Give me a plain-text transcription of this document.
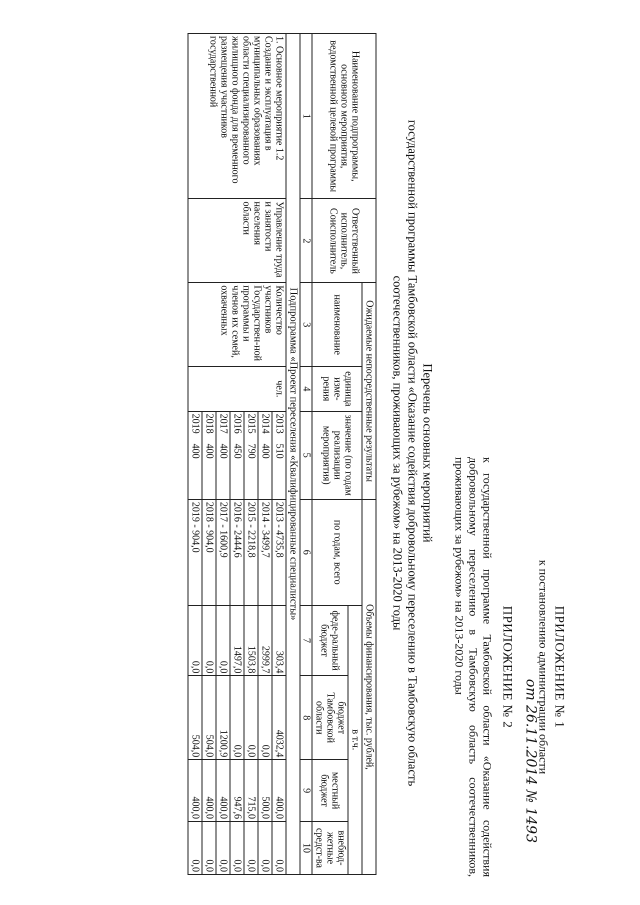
ПРИЛОЖЕНИЕ № 1
к постановлению администрации области
от 26.11.2014 № 1493
ПРИЛОЖЕНИЕ № 2
к государственной программе Тамбовской области «Оказание содействия добровольному переселению в Тамбовскую область соотечественников, проживающих за рубежом» на 2013-2020 годы
Перечень основных мероприятий
государственной программы Тамбовской области «Оказание содействия добровольному переселению в Тамбовскую область
соотечественников, проживающих за рубежом» на 2013-2020 годы
Наименование подпрограммы, основного мероприятия, ведомственной целевой программы	Ответственный исполнитель, Соисполнитель	Ожидаемые непосредственные результаты			Объемы финансирования, тыс. рублей,				
		наименование	единица изме-рения	значение (по годам реализации мероприятия)	по годам, всего	в т.ч.			
						феде-ральный бюджет	бюджет Тамбовской области	местный бюджет	внебюд-жетные средст-ва
1	2	3	4	5	6	7	8	9	10
Подпрограмма «Проект переселения «Квалифицированные специалисты»									
1. Основное мероприятие 1.2 Создание и эксплуатация в муниципальных образованиях области специализированного жилищного фонда для временного размещения участников государственной	Управление труда и занятости населения области	Количество участников Государствен-ной программы и членов их семей, охваченных	чел.	2013    510	2013 - 4735,8	303,4	4032,4	400,0	0,0
				2014    400	2014 - 3499,7	2999,7	0,0	500,0	0,0
				2015    790	2015 - 2218,8	1503,8	0,0	715,0	0,0
				2016    450	2016 - 2444,6	1497,0	0,0	947,6	0,0
				2017    400	2017 - 1600,9	0,0	1200,9	400,0	0,0
				2018    400	2018 - 904,0	0,0	504,0	400,0	0,0
				2019    400	2019 - 904,0	0,0	504,0	400,0	0,0
